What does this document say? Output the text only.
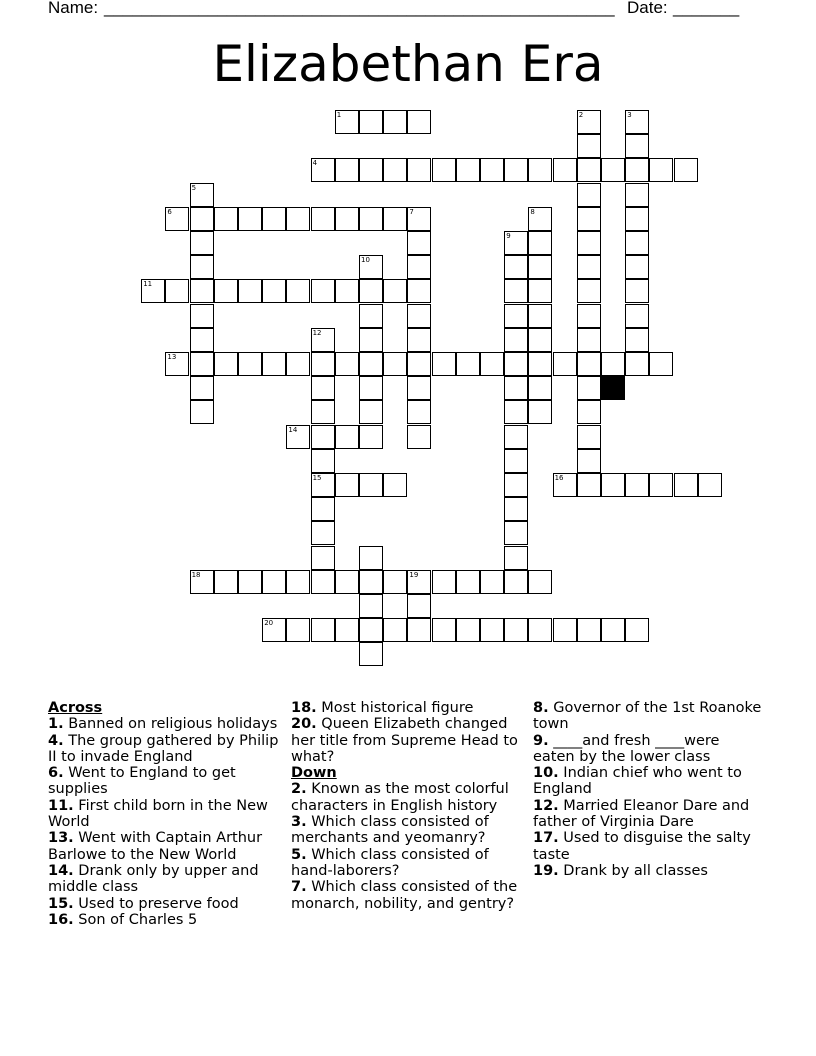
Name: ______________________________________________________ Date: _______
Elizabethan Era
1	2	3
4
5
6
11
13
14
15	16
18	19
20
7
9
8
10
12
Across
1. Banned on religious holidays
4. The group gathered by Philip II to invade England
6. Went to England to get supplies
11. First child born in the New World
13. Went with Captain Arthur Barlowe to the New World
14. Drank only by upper and middle class
15. Used to preserve food
16. Son of Charles 5
18. Most historical figure
20. Queen Elizabeth changed her title from Supreme Head to what?
Down
2. Known as the most colorful characters in English history
3. Which class consisted of merchants and yeomanry?
5. Which class consisted of hand-laborers?
7. Which class consisted of the monarch, nobility, and gentry?
8. Governor of the 1st Roanoke town
9. ____and fresh ____were eaten by the lower class
10. Indian chief who went to England
12. Married Eleanor Dare and father of Virginia Dare
17. Used to disguise the salty taste
19. Drank by all classes
